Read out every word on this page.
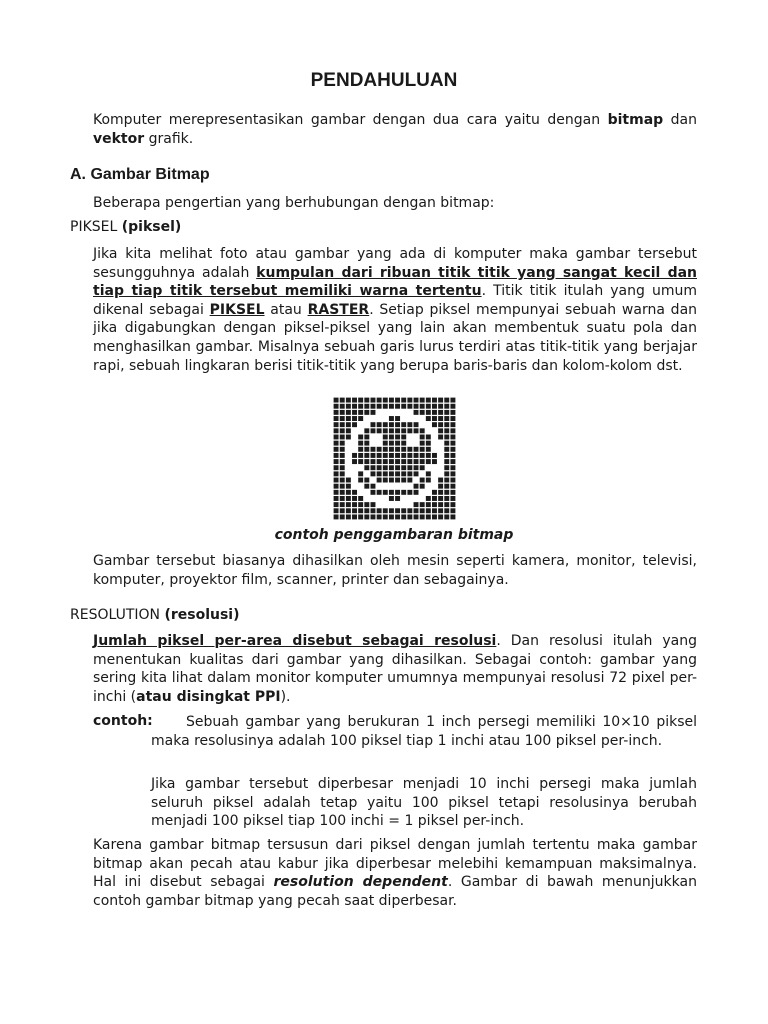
PENDAHULUAN
Komputer merepresentasikan gambar dengan dua cara yaitu dengan bitmap dan vektor grafik.
A. Gambar Bitmap
Beberapa pengertian yang berhubungan dengan bitmap:
PIKSEL (piksel)
Jika kita melihat foto atau gambar yang ada di komputer maka gambar tersebut sesungguhnya adalah kumpulan dari ribuan titik titik yang sangat kecil dan tiap tiap titik tersebut memiliki warna tertentu. Titik titik itulah yang umum dikenal sebagai PIKSEL atau RASTER. Setiap piksel mempunyai sebuah warna dan jika digabungkan dengan piksel-piksel yang lain akan membentuk suatu pola dan menghasilkan gambar. Misalnya sebuah garis lurus terdiri atas titik-titik yang berjajar rapi, sebuah lingkaran berisi titik-titik yang berupa baris-baris dan kolom-kolom dst.
contoh penggambaran bitmap
Gambar tersebut biasanya dihasilkan oleh mesin seperti kamera, monitor, televisi, komputer, proyektor film, scanner, printer dan sebagainya.
RESOLUTION (resolusi)
Jumlah piksel per-area disebut sebagai resolusi. Dan resolusi itulah yang menentukan kualitas dari gambar yang dihasilkan. Sebagai contoh: gambar yang sering kita lihat dalam monitor komputer umumnya mempunyai resolusi 72 pixel per-inchi (atau disingkat PPI).
contoh:	Sebuah gambar yang berukuran 1 inch persegi memiliki 10×10 piksel maka resolusinya adalah 100 piksel tiap 1 inchi atau 100 piksel per-inch.
Jika gambar tersebut diperbesar menjadi 10 inchi persegi maka jumlah seluruh piksel adalah tetap yaitu 100 piksel tetapi resolusinya berubah menjadi 100 piksel tiap 100 inchi = 1 piksel per-inch.
Karena gambar bitmap tersusun dari piksel dengan jumlah tertentu maka gambar bitmap akan pecah atau kabur jika diperbesar melebihi kemampuan maksimalnya. Hal ini disebut sebagai resolution dependent. Gambar di bawah menunjukkan contoh gambar bitmap yang pecah saat diperbesar.
